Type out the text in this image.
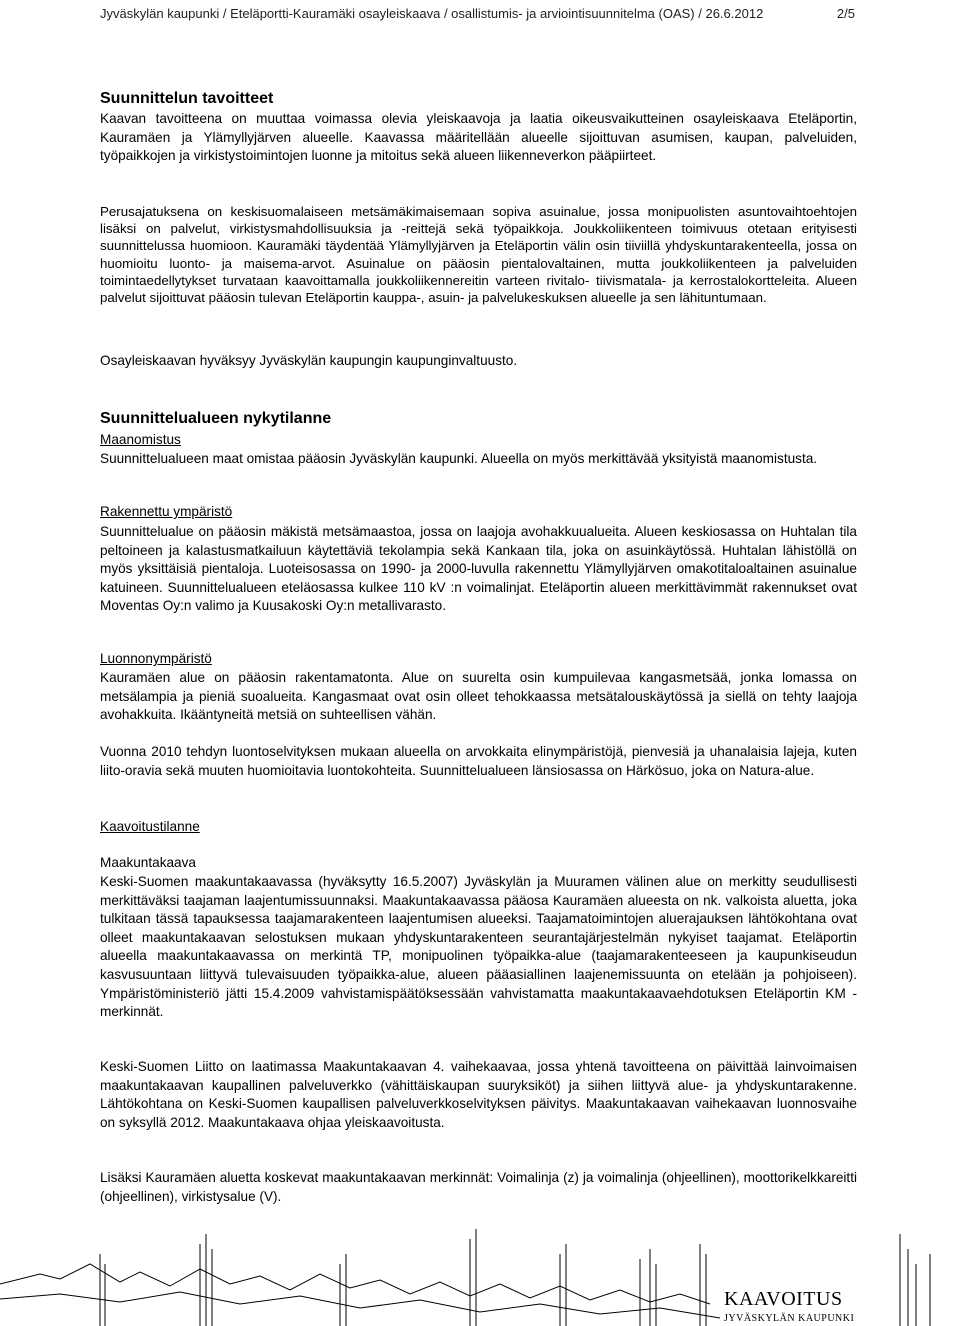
Jyväskylän kaupunki / Eteläportti-Kauramäki osayleiskaava / osallistumis- ja arviointisuunnitelma (OAS) / 26.6.2012	2/5
Suunnittelun tavoitteet

Kaavan tavoitteena on muuttaa voimassa olevia yleiskaavoja ja laatia oikeusvaikutteinen osayleiskaava Eteläportin, Kauramäen ja Ylämyllyjärven alueelle. Kaavassa määritellään alueelle sijoittuvan asumisen, kaupan, palveluiden, työpaikkojen ja virkistystoimintojen luonne ja mitoitus sekä alueen liikenneverkon pääpiirteet.

Perusajatuksena on keskisuomalaiseen metsämäkimaisemaan sopiva asuinalue, jossa monipuolisten asuntovaihtoehtojen lisäksi on palvelut, virkistysmahdollisuuksia ja -reittejä sekä työpaikkoja. Joukkoliikenteen toimivuus otetaan erityisesti suunnittelussa huomioon. Kauramäki täydentää Ylämyllyjärven ja Eteläportin välin osin tiiviillä yhdyskuntarakenteella, jossa on huomioitu luonto- ja maisema-arvot. Asuinalue on pääosin pientalovaltainen, mutta joukkoliikenteen ja palveluiden toimintaedellytykset turvataan kaavoittamalla joukkoliikennereitin varteen rivitalo- tiivismatala- ja kerrostalokortteleita. Alueen palvelut sijoittuvat pääosin tulevan Eteläportin kauppa-, asuin- ja palvelukeskuksen alueelle ja sen lähituntumaan.

Osayleiskaavan hyväksyy Jyväskylän kaupungin kaupunginvaltuusto.

Suunnittelualueen nykytilanne

Maanomistus

Suunnittelualueen maat omistaa pääosin Jyväskylän kaupunki. Alueella on myös merkittävää yksityistä maanomistusta.

Rakennettu ympäristö

Suunnittelualue on pääosin mäkistä metsämaastoa, jossa on laajoja avohakkuualueita. Alueen keskiosassa on Huhtalan tila peltoineen ja kalastusmatkailuun käytettäviä tekolampia sekä Kankaan tila, joka on asuinkäytössä. Huhtalan lähistöllä on myös yksittäisiä pientaloja. Luoteisosassa on 1990- ja 2000-luvulla rakennettu Ylämyllyjärven omakotitaloaltainen asuinalue katuineen. Suunnittelualueen eteläosassa kulkee 110 kV :n voimalinjat. Eteläportin alueen merkittävimmät rakennukset ovat Moventas Oy:n valimo ja Kuusakoski Oy:n metallivarasto.

Luonnonympäristö

Kauramäen alue on pääosin rakentamatonta. Alue on suurelta osin kumpuilevaa kangasmetsää, jonka lomassa on metsälampia ja pieniä suoalueita. Kangasmaat ovat osin olleet tehokkaassa metsätalouskäytössä ja siellä on tehty laajoja avohakkuita. Ikääntyneitä metsiä on suhteellisen vähän.

Vuonna 2010 tehdyn luontoselvityksen mukaan alueella on arvokkaita elinympäristöjä, pienvesiä ja uhanalaisia lajeja, kuten liito-oravia sekä muuten huomioitavia luontokohteita. Suunnittelualueen länsiosassa on Härkösuo, joka on Natura-alue.

Kaavoitustilanne

Maakuntakaava

Keski-Suomen maakuntakaavassa (hyväksytty 16.5.2007) Jyväskylän ja Muuramen välinen alue on merkitty seudullisesti merkittäväksi taajaman laajentumissuunnaksi. Maakuntakaavassa pääosa Kauramäen alueesta on nk. valkoista aluetta, joka tulkitaan tässä tapauksessa taajamarakenteen laajentumisen alueeksi. Taajamatoimintojen aluerajauksen lähtökohtana ovat olleet maakuntakaavan selostuksen mukaan yhdyskuntarakenteen seurantajärjestelmän nykyiset taajamat. Eteläportin alueella maakuntakaavassa on merkintä TP, monipuolinen työpaikka-alue (taajamarakenteeseen ja kaupunkiseudun kasvusuuntaan liittyvä tulevaisuuden työpaikka-alue, alueen pääasiallinen laajenemissuunta on etelään ja pohjoiseen). Ympäristöministeriö jätti 15.4.2009 vahvistamispäätöksessään vahvistamatta maakuntakaavaehdotuksen Eteläportin KM -merkinnät.

Keski-Suomen Liitto on laatimassa Maakuntakaavan 4. vaihekaavaa, jossa yhtenä tavoitteena on päivittää lainvoimaisen maakuntakaavan kaupallinen palveluverkko (vähittäiskaupan suuryksiköt) ja siihen liittyvä alue- ja yhdyskuntarakenne. Lähtökohtana on Keski-Suomen kaupallisen palveluverkkoselvityksen päivitys. Maakuntakaavan vaihekaavan luonnosvaihe on syksyllä 2012. Maakuntakaava ohjaa yleiskaavoitusta.

Lisäksi Kauramäen aluetta koskevat maakuntakaavan merkinnät: Voimalinja (z) ja voimalinja (ohjeellinen), moottorikelkkareitti (ohjeellinen), virkistysalue (V).

KAAVOITUS
JYVÄSKYLÄN KAUPUNKI
